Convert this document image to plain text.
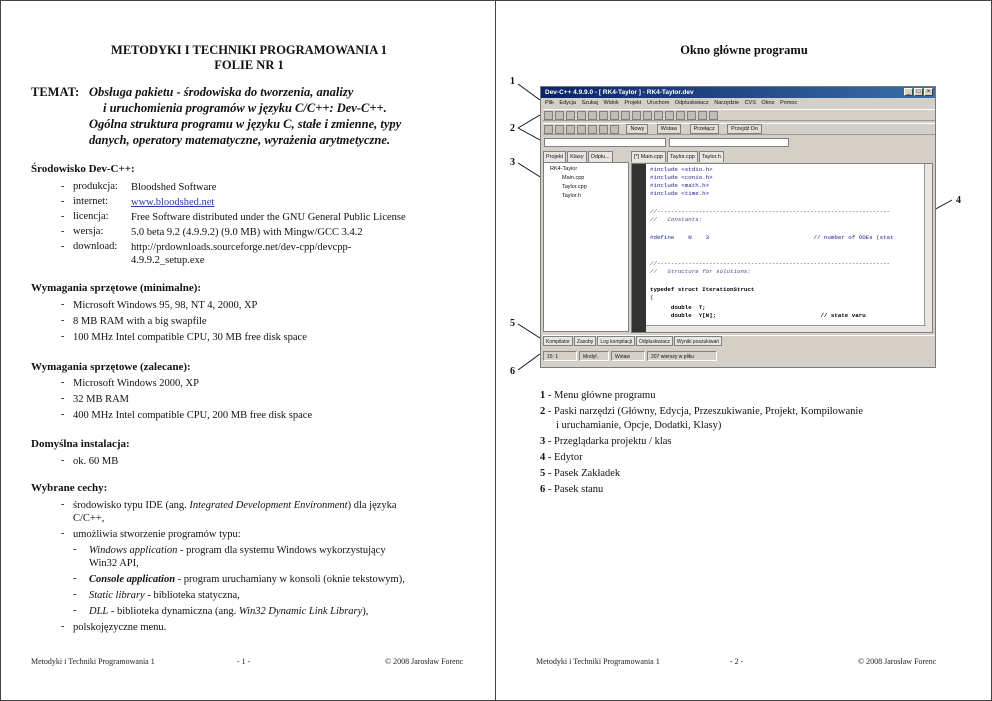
METODYKI I TECHNIKI PROGRAMOWANIA 1
FOLIE NR 1
TEMAT: Obsługa pakietu - środowiska do tworzenia, analizy
i uruchomienia programów w języku C/C++: Dev-C++.
Ogólna struktura programu w języku C, stałe i zmienne, typy
danych, operatory matematyczne, wyrażenia arytmetyczne.
Środowisko Dev-C++:
- produkcja: Bloodshed Software
- internet: www.bloodshed.net
- licencja: Free Software distributed under the GNU General Public License
- wersja:	5.0 beta 9.2 (4.9.9.2) (9.0 MB) with Mingw/GCC 3.4.2
- download: http://prdownloads.sourceforge.net/dev-cpp/devcpp-
4.9.9.2_setup.exe
Wymagania sprzętowe (minimalne):
- Microsoft Windows 95, 98, NT 4, 2000, XP
- 8 MB RAM with a big swapfile
- 100 MHz Intel compatible CPU, 30 MB free disk space
Wymagania sprzętowe (zalecane):
- Microsoft Windows 2000, XP
- 32 MB RAM
- 400 MHz Intel compatible CPU, 200 MB free disk space
Domyślna instalacja:
- ok. 60 MB
Wybrane cechy:
- środowisko typu IDE (ang. Integrated Development Environment) dla języka
C/C++,
- umożliwia stworzenie programów typu:
- Windows application - program dla systemu Windows wykorzystujący
Win32 API,
- Console application - program uruchamiany w konsoli (oknie tekstowym),
- Static library - biblioteka statyczna,
- DLL - biblioteka dynamiczna (ang. Win32 Dynamic Link Library),
- polskojęzyczne menu.
Metodyki i Techniki Programowania 1	- 1 -	© 2008 Jarosław Forenc
Okno główne programu
Metodyki i Techniki Programowania 1	- 2 -	© 2008 Jarosław Forenc
1
2
3
4
5
6
Dev-C++ 4.9.9.0 - [ RK4-Taylor ] - RK4-Taylor.dev	_	□	×
Plik Edycja Szukaj Widok Projekt Uruchom Odpluskwiacz Narzędzie CVS Okno Pomoc
Nowy	Wstaw	Przełącz	Przejdź Do
Projekt Klasy Odpłu...
RK4-Taylor
Main.cpp
Taylor.cpp
Taylor.h
[*] Main.cpp Taylor.cpp Taylor.h
#include <stdio.h>
#include <conio.h>
#include <math.h>
#include <time.h>
//-------------------------------------------------------------------
//   Constants:
#define    N    3                              // number of ODEs (stat
//-------------------------------------------------------------------
//   Structure for solutions:
typedef struct IterationStruct
{
double  T;
double  Y[N];                              // state varu
Kompilator Zasoby Log kompilacji Odpluskwiacz Wyniki poszukiwań
15: 1	Modyf.	Wstaw	207 wierszy w pliku
1 - Menu główne programu
2 - Paski narzędzi (Główny, Edycja, Przeszukiwanie, Projekt, Kompilowanie
i uruchamianie, Opcje, Dodatki, Klasy)
3 - Przeglądarka projektu / klas
4 - Edytor
5 - Pasek Zakładek
6 - Pasek stanu
